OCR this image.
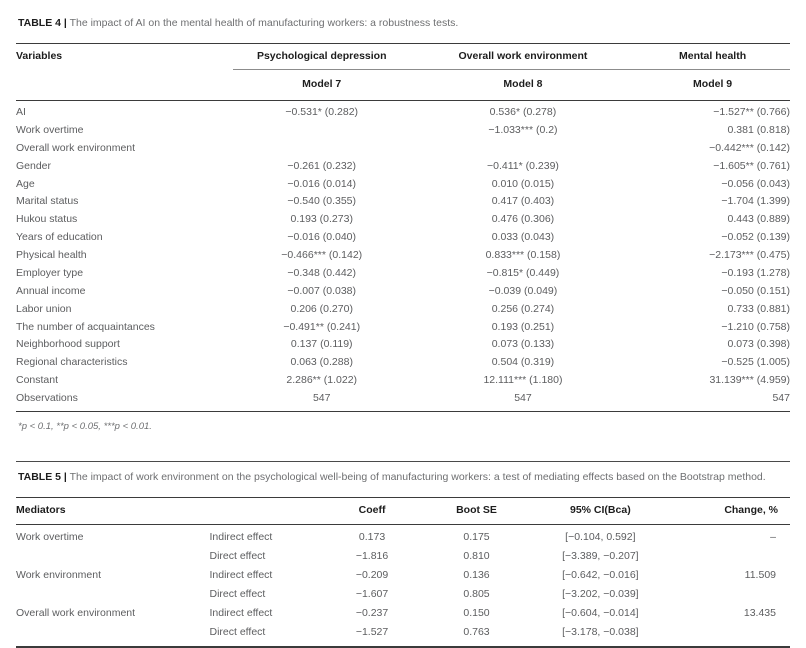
TABLE 4 | The impact of AI on the mental health of manufacturing workers: a robustness tests.

Variables	Psychological depression	Overall work environment	Mental health
	Model 7	Model 8	Model 9
AI	−0.531* (0.282)	0.536* (0.278)	−1.527** (0.766)
Work overtime		−1.033*** (0.2)	0.381 (0.818)
Overall work environment			−0.442*** (0.142)
Gender	−0.261 (0.232)	−0.411* (0.239)	−1.605** (0.761)
Age	−0.016 (0.014)	0.010 (0.015)	−0.056 (0.043)
Marital status	−0.540 (0.355)	0.417 (0.403)	−1.704 (1.399)
Hukou status	0.193 (0.273)	0.476 (0.306)	0.443 (0.889)
Years of education	−0.016 (0.040)	0.033 (0.043)	−0.052 (0.139)
Physical health	−0.466*** (0.142)	0.833*** (0.158)	−2.173*** (0.475)
Employer type	−0.348 (0.442)	−0.815* (0.449)	−0.193 (1.278)
Annual income	−0.007 (0.038)	−0.039 (0.049)	−0.050 (0.151)
Labor union	0.206 (0.270)	0.256 (0.274)	0.733 (0.881)
The number of acquaintances	−0.491** (0.241)	0.193 (0.251)	−1.210 (0.758)
Neighborhood support	0.137 (0.119)	0.073 (0.133)	0.073 (0.398)
Regional characteristics	0.063 (0.288)	0.504 (0.319)	−0.525 (1.005)
Constant	2.286** (1.022)	12.111*** (1.180)	31.139*** (4.959)
Observations	547	547	547

*p < 0.1, **p < 0.05, ***p < 0.01.

TABLE 5 | The impact of work environment on the psychological well-being of manufacturing workers: a test of mediating effects based on the Bootstrap method.

Mediators		Coeff	Boot SE	95% CI(Bca)	Change, %
Work overtime	Indirect effect	0.173	0.175	[−0.104, 0.592]	–
	Direct effect	−1.816	0.810	[−3.389, −0.207]	
Work environment	Indirect effect	−0.209	0.136	[−0.642, −0.016]	11.509
	Direct effect	−1.607	0.805	[−3.202, −0.039]	
Overall work environment	Indirect effect	−0.237	0.150	[−0.604, −0.014]	13.435
	Direct effect	−1.527	0.763	[−3.178, −0.038]	
